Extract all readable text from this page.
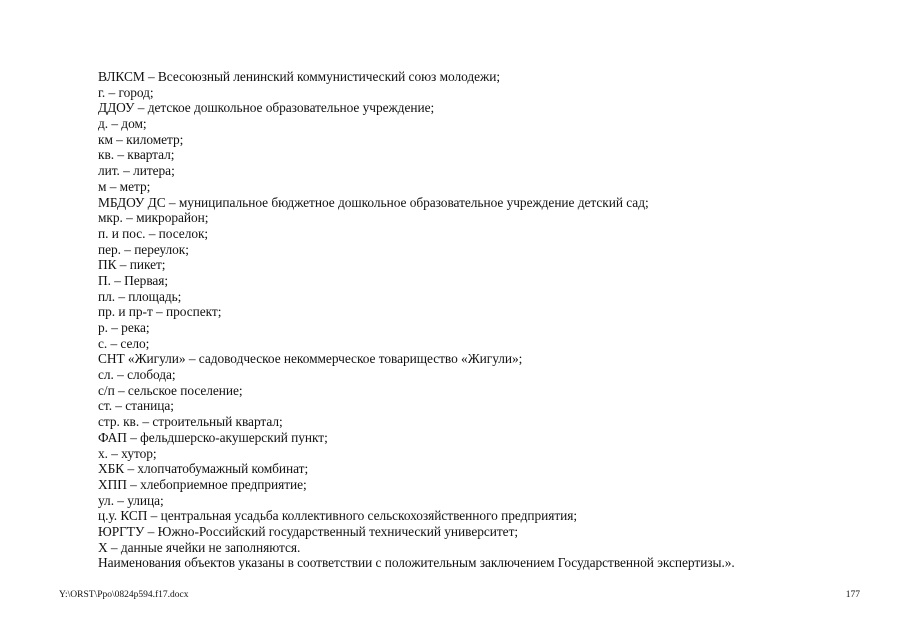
ВЛКСМ – Всесоюзный ленинский коммунистический союз молодежи;
г. – город;
ДДОУ – детское дошкольное образовательное учреждение;
д. – дом;
км – километр;
кв. – квартал;
лит. – литера;
м – метр;
МБДОУ ДС – муниципальное бюджетное дошкольное образовательное учреждение детский сад;
мкр. – микрорайон;
п. и пос. – поселок;
пер. – переулок;
ПК – пикет;
П. – Первая;
пл. – площадь;
пр. и пр-т – проспект;
р. – река;
с. – село;
СНТ «Жигули» – садоводческое некоммерческое товарищество «Жигули»;
сл. – слобода;
с/п – сельское поселение;
ст. – станица;
стр. кв. – строительный квартал;
ФАП – фельдшерско-акушерский пункт;
х. – хутор;
ХБК – хлопчатобумажный комбинат;
ХПП – хлебоприемное предприятие;
ул. – улица;
ц.у. КСП – центральная усадьба коллективного сельскохозяйственного предприятия;
ЮРГТУ – Южно-Российский государственный технический университет;
Х – данные ячейки не заполняются.
Наименования объектов указаны в соответствии с положительным заключением Государственной экспертизы.».
Y:\ORST\Ppo\0824p594.f17.docx	177
